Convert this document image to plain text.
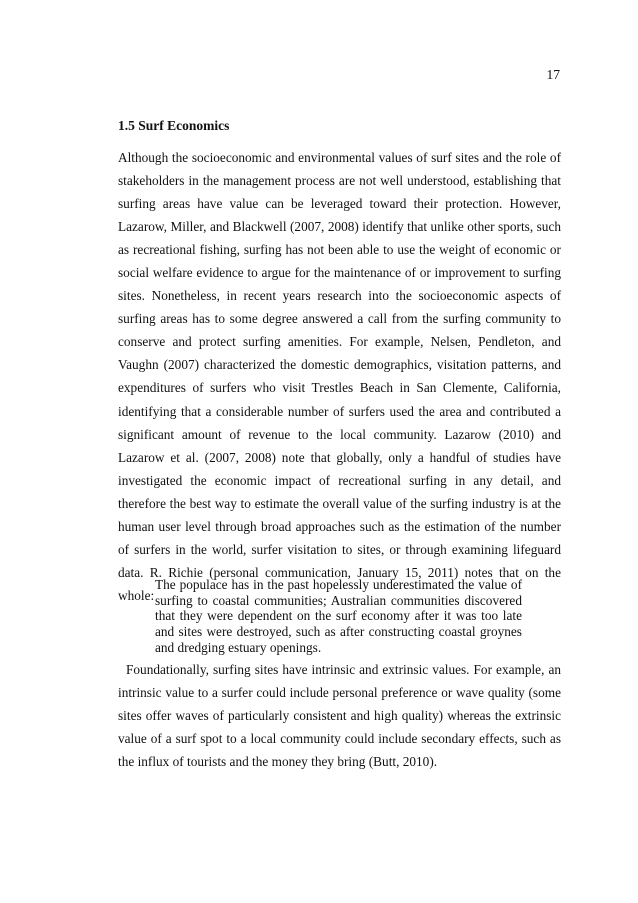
17
1.5 Surf Economics

Although the socioeconomic and environmental values of surf sites and the role of stakeholders in the management process are not well understood, establishing that surfing areas have value can be leveraged toward their protection. However, Lazarow, Miller, and Blackwell (2007, 2008) identify that unlike other sports, such as recreational fishing, surfing has not been able to use the weight of economic or social welfare evidence to argue for the maintenance of or improvement to surfing sites. Nonetheless, in recent years research into the socioeconomic aspects of surfing areas has to some degree answered a call from the surfing community to conserve and protect surfing amenities. For example, Nelsen, Pendleton, and Vaughn (2007) characterized the domestic demographics, visitation patterns, and expenditures of surfers who visit Trestles Beach in San Clemente, California, identifying that a considerable number of surfers used the area and contributed a significant amount of revenue to the local community. Lazarow (2010) and Lazarow et al. (2007, 2008) note that globally, only a handful of studies have investigated the economic impact of recreational surfing in any detail, and therefore the best way to estimate the overall value of the surfing industry is at the human user level through broad approaches such as the estimation of the number of surfers in the world, surfer visitation to sites, or through examining lifeguard data. R. Richie (personal communication, January 15, 2011) notes that on the whole:

The populace has in the past hopelessly underestimated the value of surfing to coastal communities; Australian communities discovered that they were dependent on the surf economy after it was too late and sites were destroyed, such as after constructing coastal groynes and dredging estuary openings.

Foundationally, surfing sites have intrinsic and extrinsic values. For example, an intrinsic value to a surfer could include personal preference or wave quality (some sites offer waves of particularly consistent and high quality) whereas the extrinsic value of a surf spot to a local community could include secondary effects, such as the influx of tourists and the money they bring (Butt, 2010).
